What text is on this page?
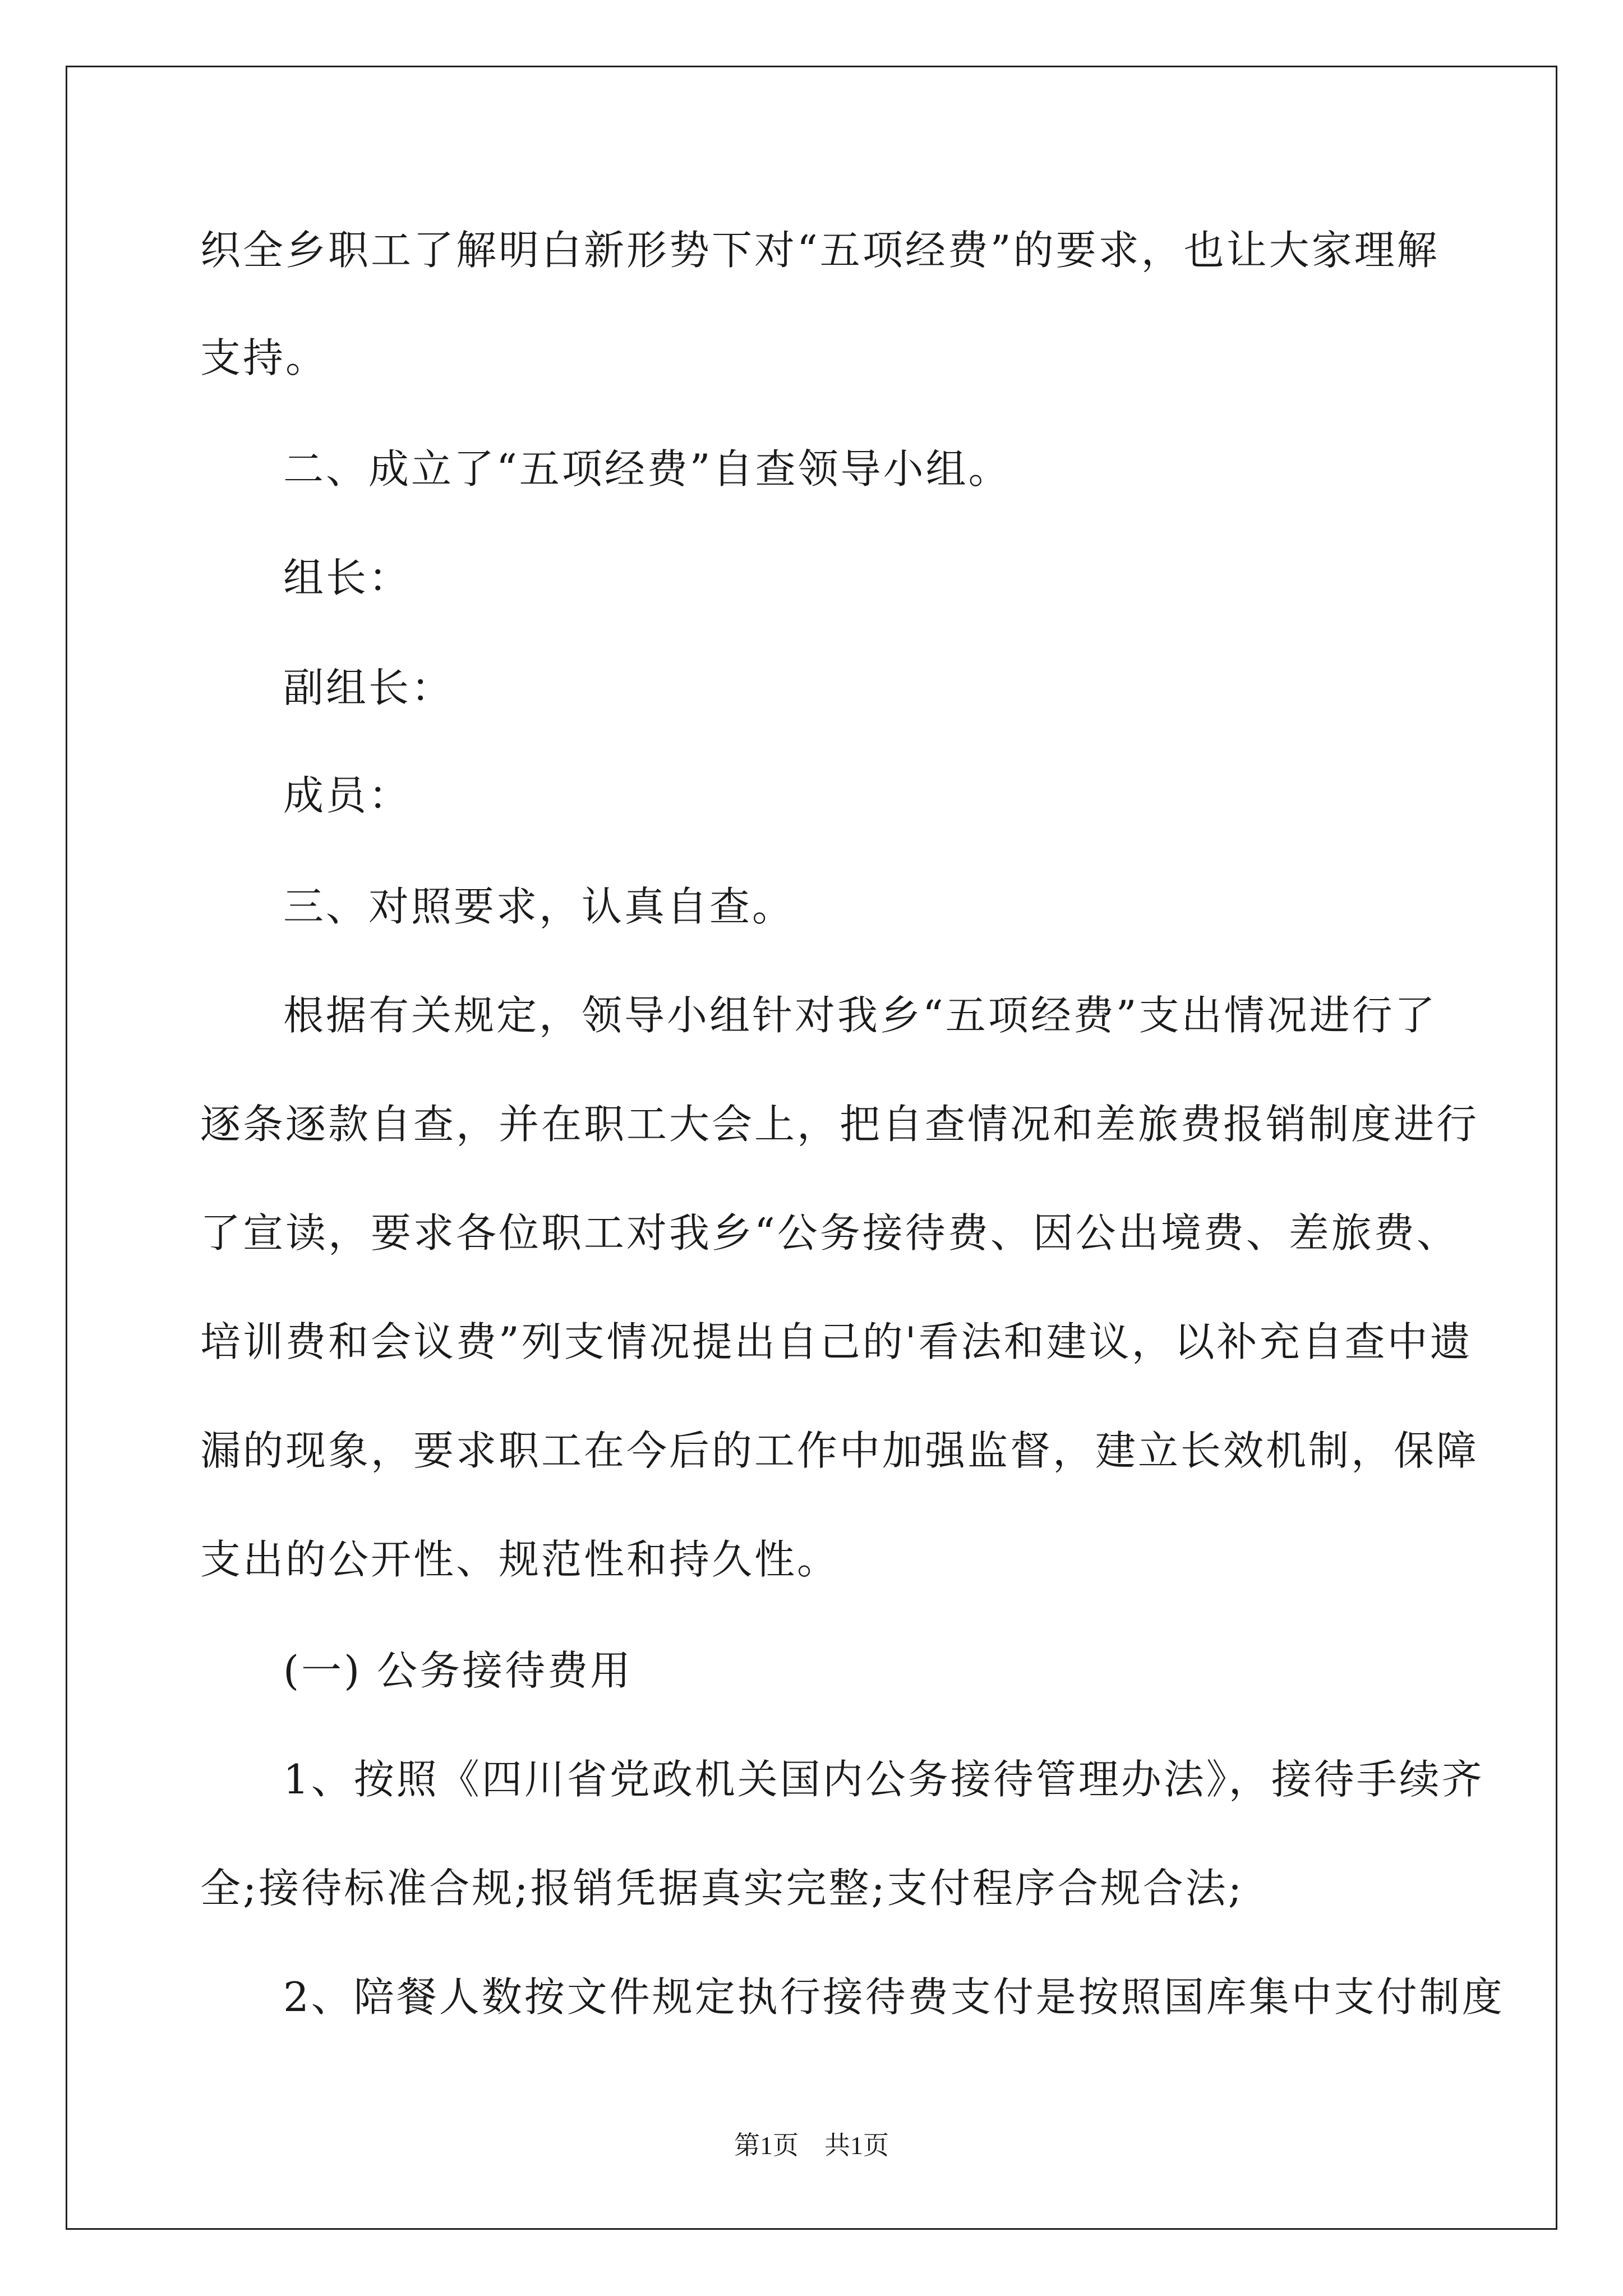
织全乡职工了解明白新形势下对“五项经费”的要求，也让大家理解
支持。
二、成立了“五项经费”自查领导小组。
组长：
副组长：
成员：
三、对照要求，认真自查。
根据有关规定，领导小组针对我乡“五项经费”支出情况进行了
逐条逐款自查，并在职工大会上，把自查情况和差旅费报销制度进行
了宣读，要求各位职工对我乡“公务接待费、因公出境费、差旅费、
培训费和会议费”列支情况提出自己的'看法和建议，以补充自查中遗
漏的现象，要求职工在今后的工作中加强监督，建立长效机制，保障
支出的公开性、规范性和持久性。
(一) 公务接待费用
1、按照《四川省党政机关国内公务接待管理办法》，接待手续齐
全;接待标准合规;报销凭据真实完整;支付程序合规合法;
2、陪餐人数按文件规定执行接待费支付是按照国库集中支付制度
第1页　共1页
